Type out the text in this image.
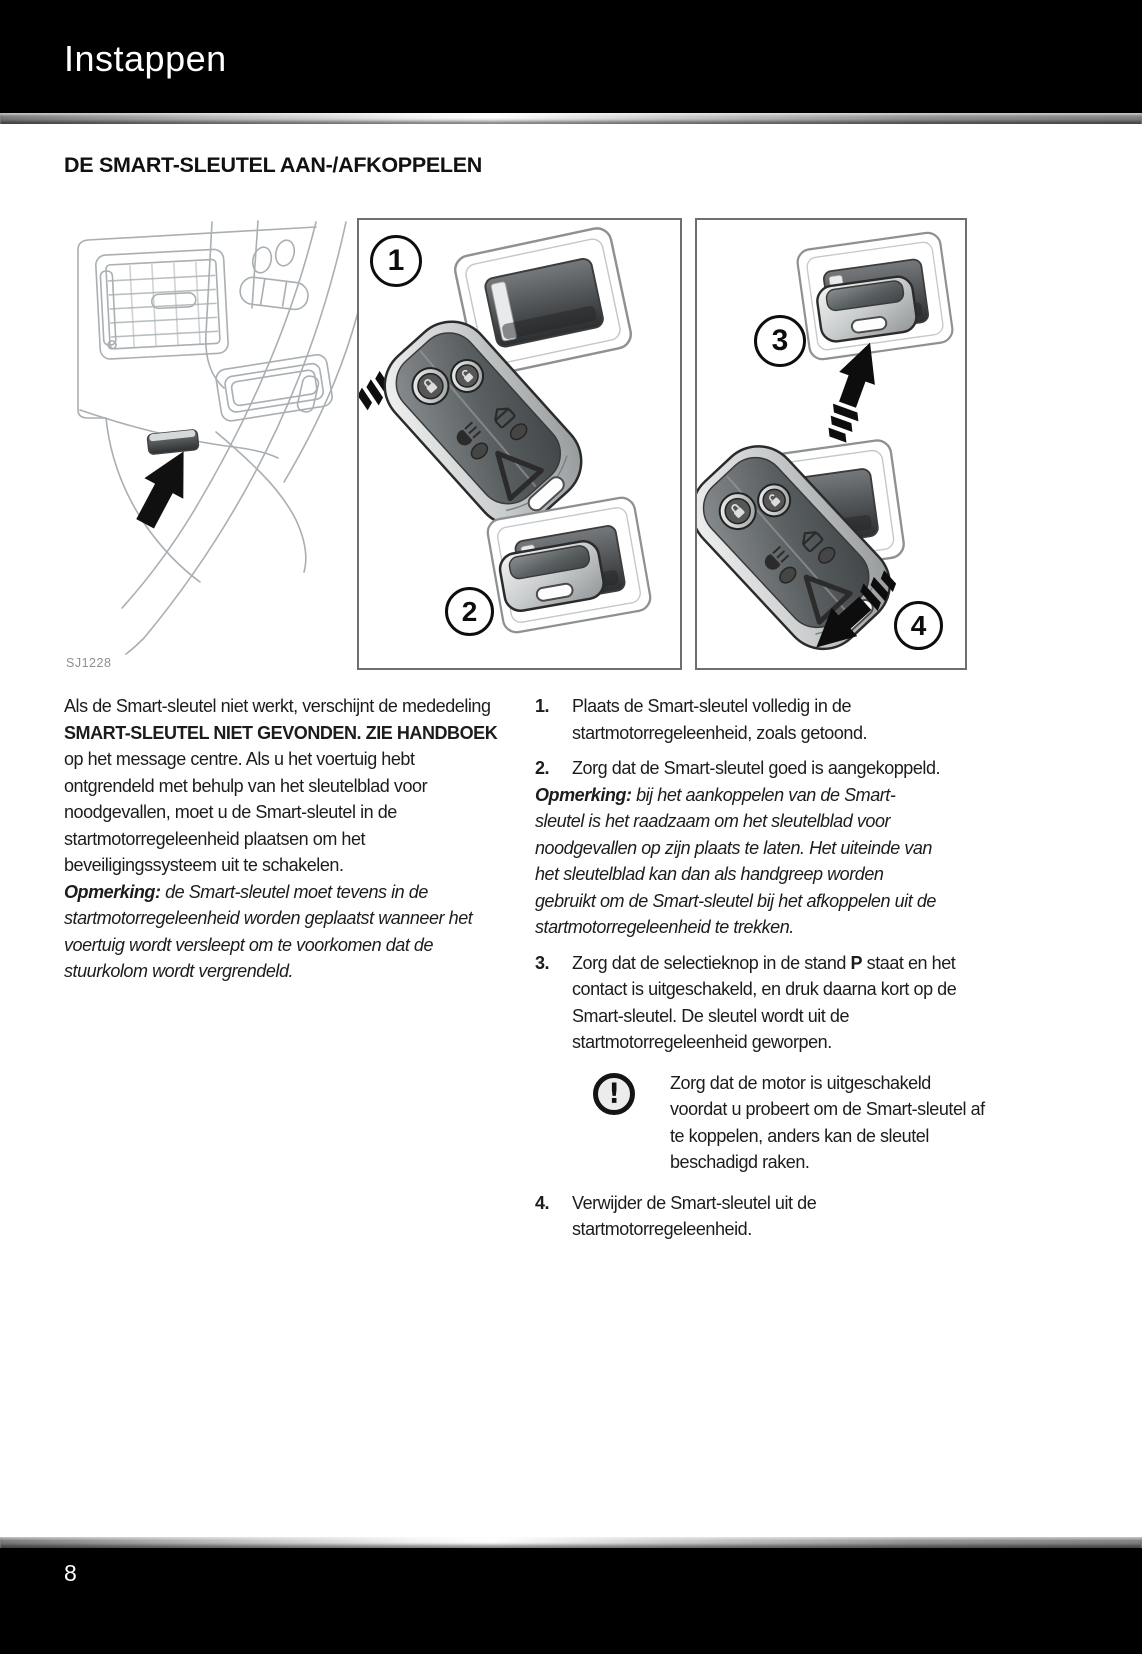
Instappen
DE SMART-SLEUTEL AAN-/AFKOPPELEN
1
2
3
4
SJ1228

Als de Smart-sleutel niet werkt, verschijnt de mededeling SMART-SLEUTEL NIET GEVONDEN. ZIE HANDBOEK op het message centre. Als u het voertuig hebt ontgrendeld met behulp van het sleutelblad voor noodgevallen, moet u de Smart-sleutel in de startmotorregeleenheid plaatsen om het beveiligingssysteem uit te schakelen.

Opmerking: de Smart-sleutel moet tevens in de startmotorregeleenheid worden geplaatst wanneer het voertuig wordt versleept om te voorkomen dat de stuurkolom wordt vergrendeld.

1.	Plaats de Smart-sleutel volledig in de startmotorregeleenheid, zoals getoond.
2.	Zorg dat de Smart-sleutel goed is aangekoppeld.

Opmerking: bij het aankoppelen van de Smart-sleutel is het raadzaam om het sleutelblad voor noodgevallen op zijn plaats te laten. Het uiteinde van het sleutelblad kan dan als handgreep worden gebruikt om de Smart-sleutel bij het afkoppelen uit de startmotorregeleenheid te trekken.

3.	Zorg dat de selectieknop in de stand P staat en het contact is uitgeschakeld, en druk daarna kort op de Smart-sleutel. De sleutel wordt uit de startmotorregeleenheid geworpen.
!	Zorg dat de motor is uitgeschakeld voordat u probeert om de Smart-sleutel af te koppelen, anders kan de sleutel beschadigd raken.
4.	Verwijder de Smart-sleutel uit de startmotorregeleenheid.
8
